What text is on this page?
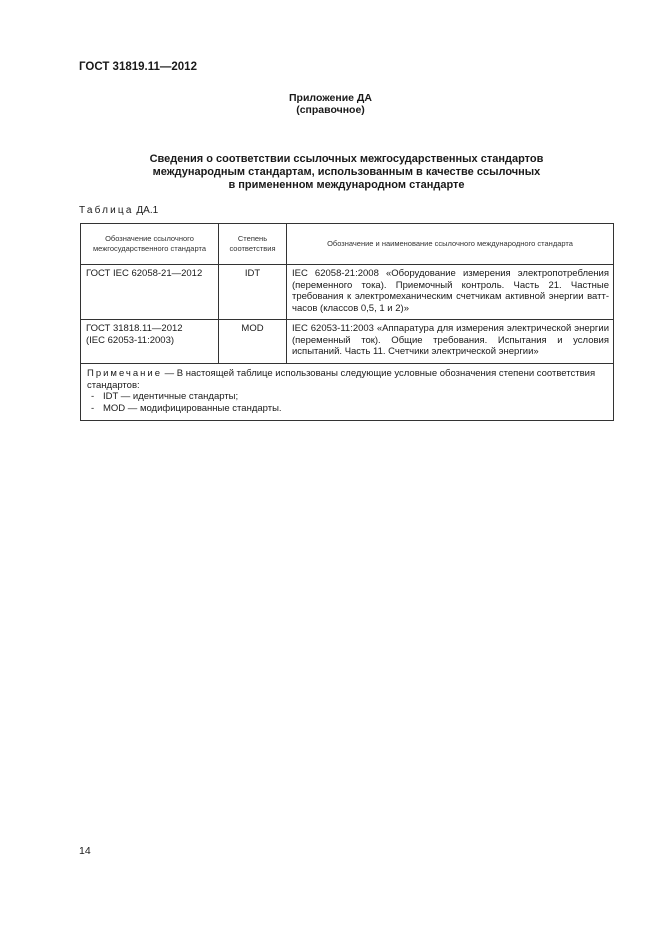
ГОСТ 31819.11—2012
Приложение ДА
(справочное)
Сведения о соответствии ссылочных межгосударственных стандартов
международным стандартам, использованным в качестве ссылочных
в примененном международном стандарте
Таблица ДА.1
Обозначение ссылочного межгосударственного стандарта	Степень соответствия	Обозначение и наименование ссылочного международного стандарта

ГОСТ IEC 62058-21—2012	IDT	IEC 62058-21:2008 «Оборудование измерения электропотребления (переменного тока). Приемочный контроль. Часть 21. Частные требования к электромеханическим счетчикам активной энергии ватт-часов (классов 0,5, 1 и 2)»

ГОСТ 31818.11—2012
(IEC 62053-11:2003)	MOD	IEC 62053-11:2003 «Аппаратура для измерения электрической энергии (переменный ток). Общие требования. Испытания и условия испытаний. Часть 11. Счетчики электрической энергии»

Примечание — В настоящей таблице использованы следующие условные обозначения степени соответствия стандартов:
- IDT — идентичные стандарты;
- MOD — модифицированные стандарты.		
14
